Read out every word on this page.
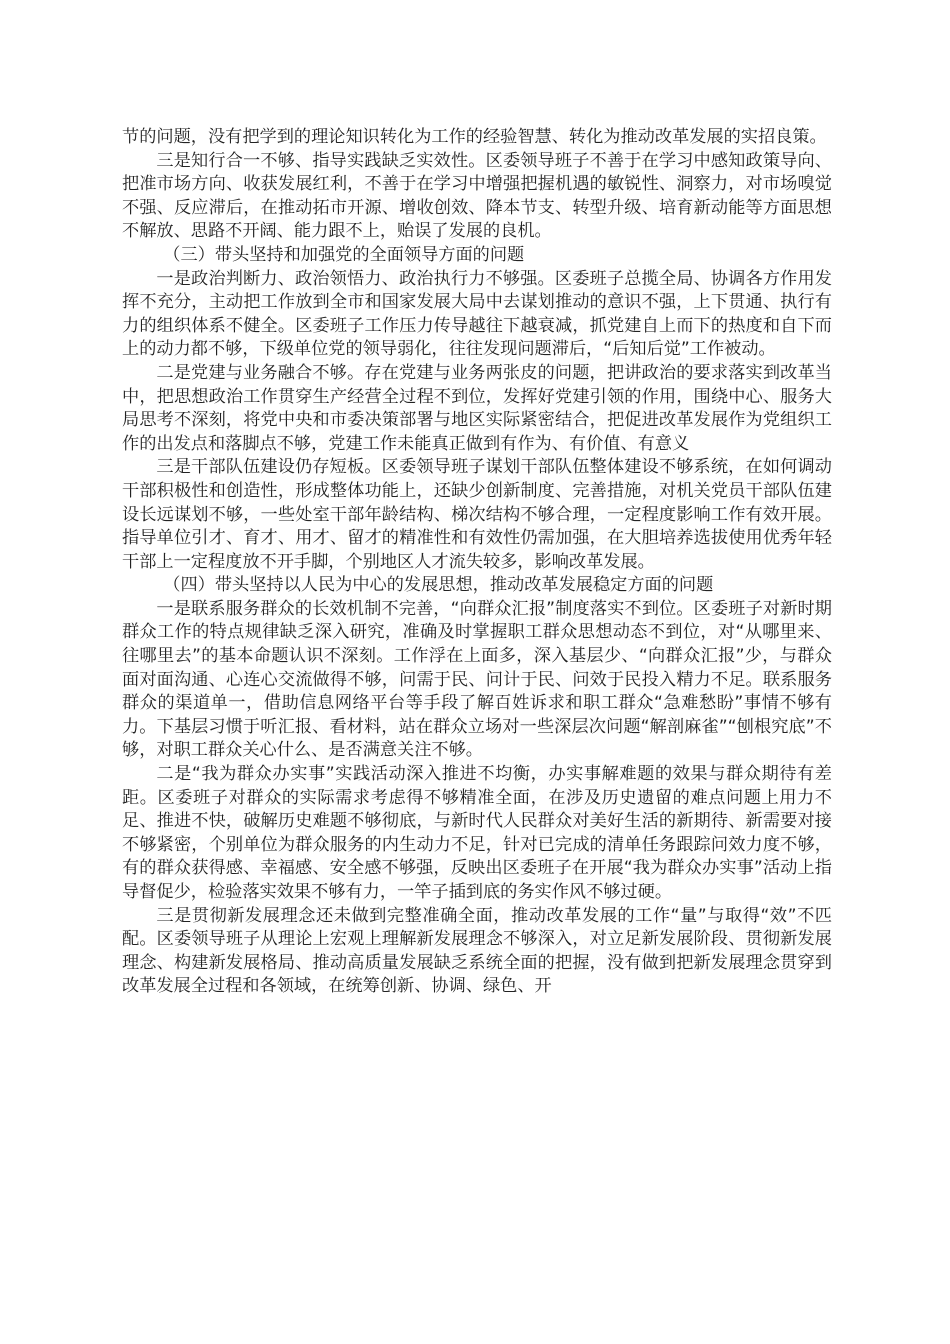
节的问题，没有把学到的理论知识转化为工作的经验智慧、转化为推动改革发展的实招良策。

三是知行合一不够、指导实践缺乏实效性。区委领导班子不善于在学习中感知政策导向、把准市场方向、收获发展红利，不善于在学习中增强把握机遇的敏锐性、洞察力，对市场嗅觉不强、反应滞后，在推动拓市开源、增收创效、降本节支、转型升级、培育新动能等方面思想不解放、思路不开阔、能力跟不上，贻误了发展的良机。

（三）带头坚持和加强党的全面领导方面的问题

一是政治判断力、政治领悟力、政治执行力不够强。区委班子总揽全局、协调各方作用发挥不充分，主动把工作放到全市和国家发展大局中去谋划推动的意识不强，上下贯通、执行有力的组织体系不健全。区委班子工作压力传导越往下越衰减，抓党建自上而下的热度和自下而上的动力都不够，下级单位党的领导弱化，往往发现问题滞后，“后知后觉”工作被动。

二是党建与业务融合不够。存在党建与业务两张皮的问题，把讲政治的要求落实到改革当中，把思想政治工作贯穿生产经营全过程不到位，发挥好党建引领的作用，围绕中心、服务大局思考不深刻，将党中央和市委决策部署与地区实际紧密结合，把促进改革发展作为党组织工作的出发点和落脚点不够，党建工作未能真正做到有作为、有价值、有意义

三是干部队伍建设仍存短板。区委领导班子谋划干部队伍整体建设不够系统，在如何调动干部积极性和创造性，形成整体功能上，还缺少创新制度、完善措施，对机关党员干部队伍建设长远谋划不够，一些处室干部年龄结构、梯次结构不够合理，一定程度影响工作有效开展。指导单位引才、育才、用才、留才的精准性和有效性仍需加强，在大胆培养选拔使用优秀年轻干部上一定程度放不开手脚，个别地区人才流失较多，影响改革发展。

（四）带头坚持以人民为中心的发展思想，推动改革发展稳定方面的问题

一是联系服务群众的长效机制不完善，“向群众汇报”制度落实不到位。区委班子对新时期群众工作的特点规律缺乏深入研究，准确及时掌握职工群众思想动态不到位，对“从哪里来、往哪里去”的基本命题认识不深刻。工作浮在上面多，深入基层少、“向群众汇报”少，与群众面对面沟通、心连心交流做得不够，问需于民、问计于民、问效于民投入精力不足。联系服务群众的渠道单一，借助信息网络平台等手段了解百姓诉求和职工群众“急难愁盼”事情不够有力。下基层习惯于听汇报、看材料，站在群众立场对一些深层次问题“解剖麻雀”“刨根究底”不够，对职工群众关心什么、是否满意关注不够。

二是“我为群众办实事”实践活动深入推进不均衡，办实事解难题的效果与群众期待有差距。区委班子对群众的实际需求考虑得不够精准全面，在涉及历史遗留的难点问题上用力不足、推进不快，破解历史难题不够彻底，与新时代人民群众对美好生活的新期待、新需要对接不够紧密，个别单位为群众服务的内生动力不足，针对已完成的清单任务跟踪问效力度不够，有的群众获得感、幸福感、安全感不够强，反映出区委班子在开展“我为群众办实事”活动上指导督促少，检验落实效果不够有力，一竿子插到底的务实作风不够过硬。

三是贯彻新发展理念还未做到完整准确全面，推动改革发展的工作“量”与取得“效”不匹配。区委领导班子从理论上宏观上理解新发展理念不够深入，对立足新发展阶段、贯彻新发展理念、构建新发展格局、推动高质量发展缺乏系统全面的把握，没有做到把新发展理念贯穿到改革发展全过程和各领域，在统筹创新、协调、绿色、开
